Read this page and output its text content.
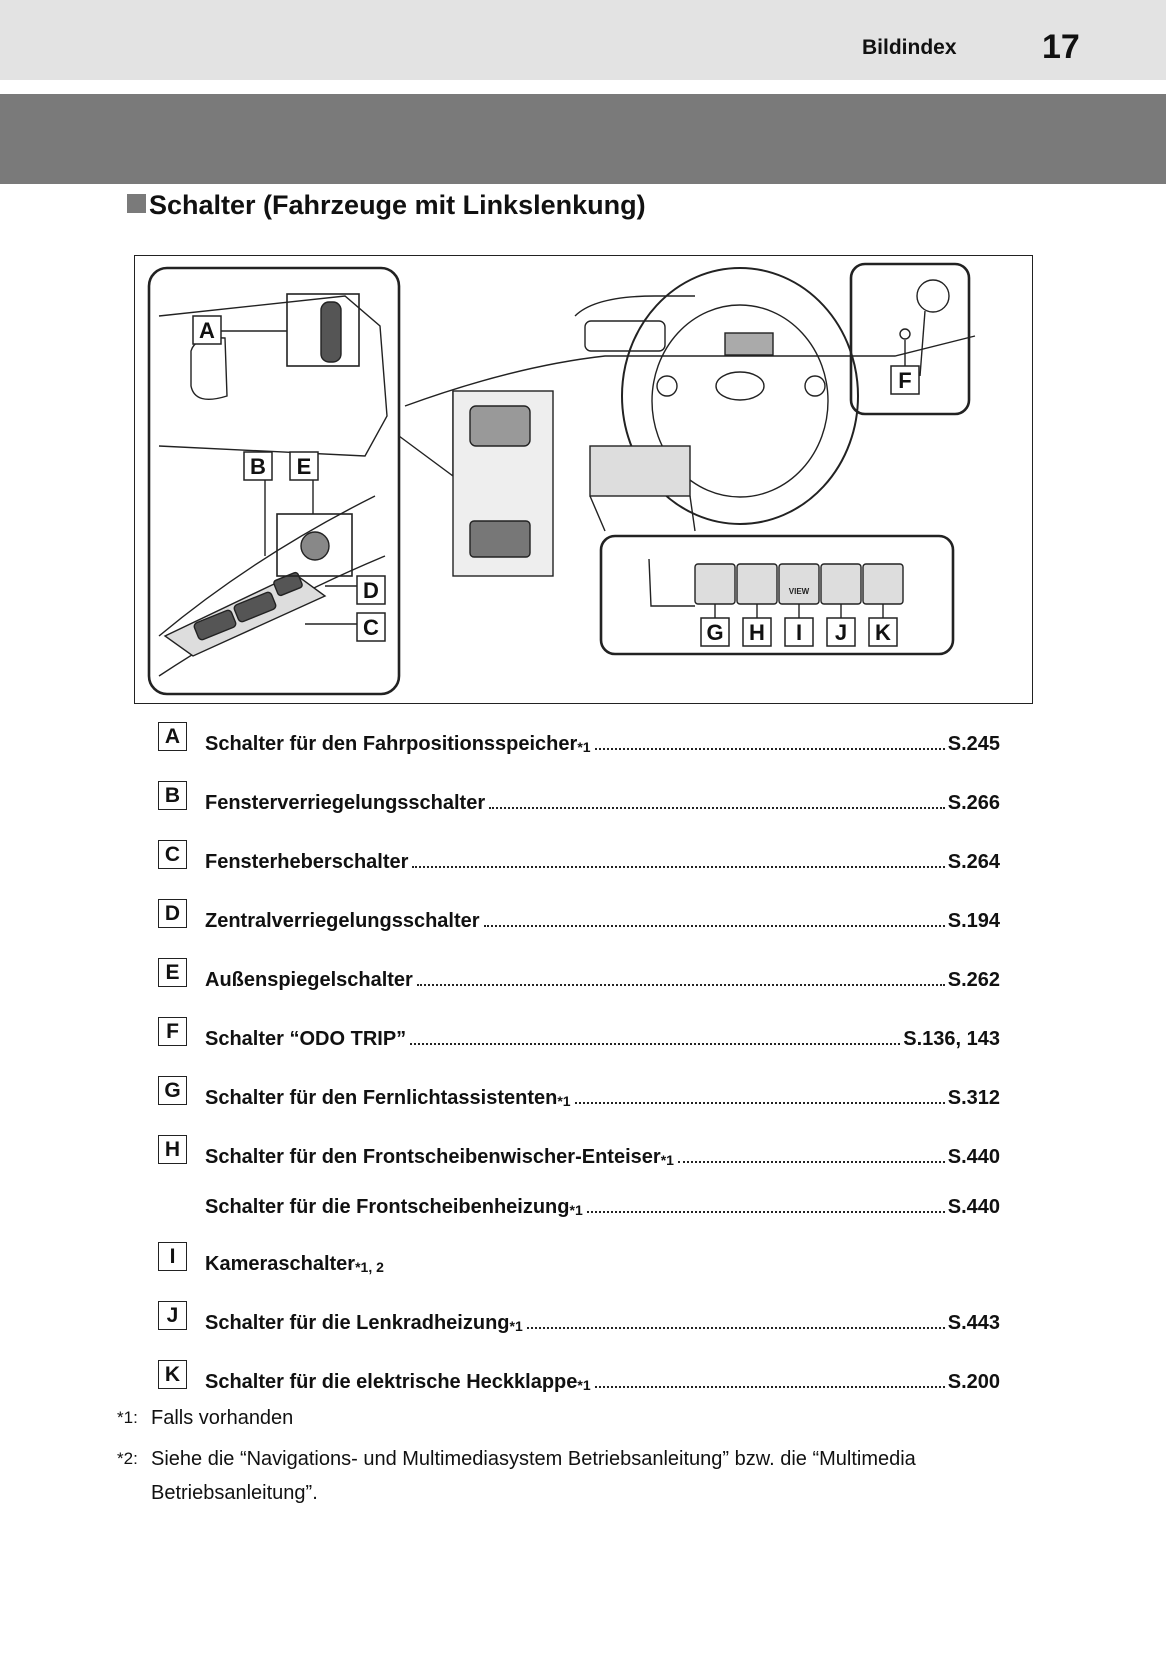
Bildindex	17
Schalter (Fahrzeuge mit Linkslenkung)
VIEW
A
B E
D
C
F
G H I J K
A	Schalter für den Fahrpositionsspeicher$^{*1}$	S.245
B	Fensterverriegelungsschalter	S.266
C	Fensterheberschalter	S.264
D	Zentralverriegelungsschalter	S.194
E	Außenspiegelschalter	S.262
F	Schalter “ODO TRIP”	S.136, 143
G	Schalter für den Fernlichtassistenten$^{*1}$	S.312
H	Schalter für den Frontscheibenwischer-Enteiser$^{*1}$	S.440
Schalter für die Frontscheibenheizung$^{*1}$	S.440
I	Kameraschalter$^{*1, 2}$
J	Schalter für die Lenkradheizung$^{*1}$	S.443
K	Schalter für die elektrische Heckklappe$^{*1}$	S.200
*1: Falls vorhanden
*2: Siehe die “Navigations- und Multimediasystem Betriebsanleitung” bzw. die “Multimedia Betriebsanleitung”.
